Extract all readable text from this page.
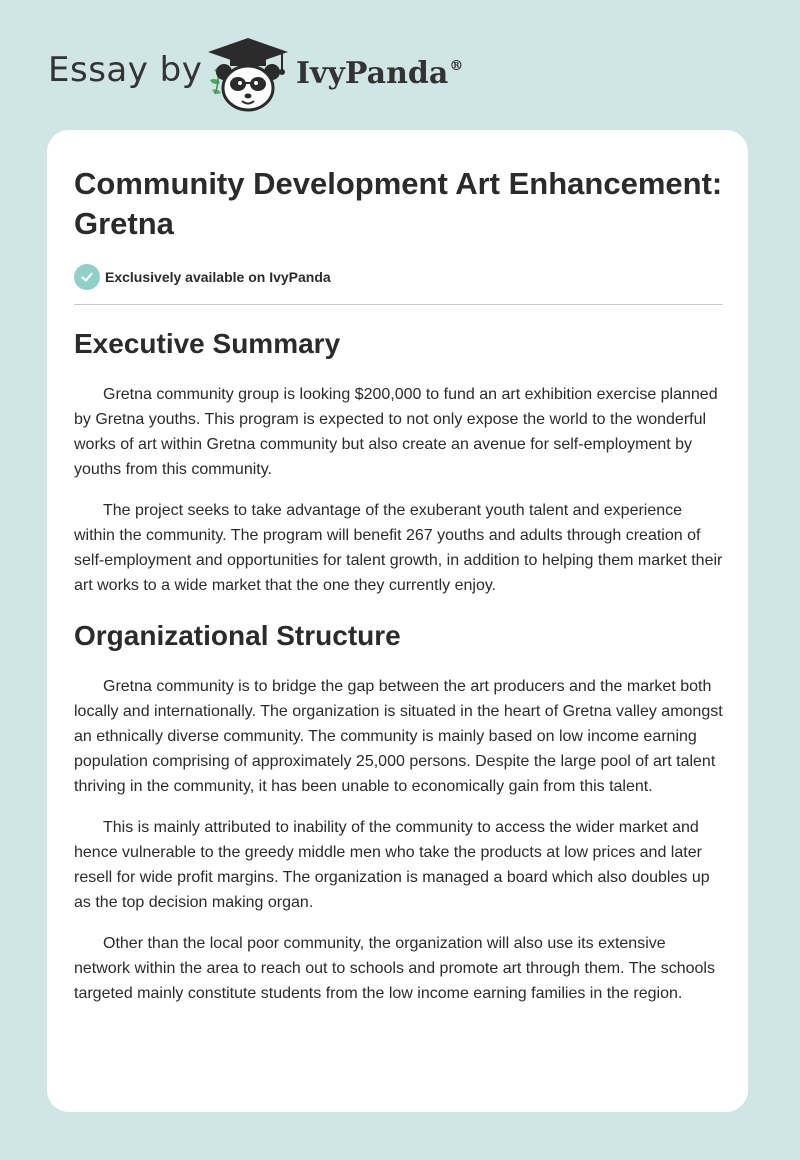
Essay by	IvyPanda®
Community Development Art Enhancement: Gretna
Exclusively available on IvyPanda
Executive Summary

Gretna community group is looking $200,000 to fund an art exhibition exercise planned by Gretna youths. This program is expected to not only expose the world to the wonderful works of art within Gretna community but also create an avenue for self-employment by youths from this community.

The project seeks to take advantage of the exuberant youth talent and experience within the community. The program will benefit 267 youths and adults through creation of self-employment and opportunities for talent growth, in addition to helping them market their art works to a wide market that the one they currently enjoy.

Organizational Structure

Gretna community is to bridge the gap between the art producers and the market both locally and internationally. The organization is situated in the heart of Gretna valley amongst an ethnically diverse community. The community is mainly based on low income earning population comprising of approximately 25,000 persons. Despite the large pool of art talent thriving in the community, it has been unable to economically gain from this talent.

This is mainly attributed to inability of the community to access the wider market and hence vulnerable to the greedy middle men who take the products at low prices and later resell for wide profit margins. The organization is managed a board which also doubles up as the top decision making organ.

Other than the local poor community, the organization will also use its extensive network within the area to reach out to schools and promote art through them. The schools targeted mainly constitute students from the low income earning families in the region.
